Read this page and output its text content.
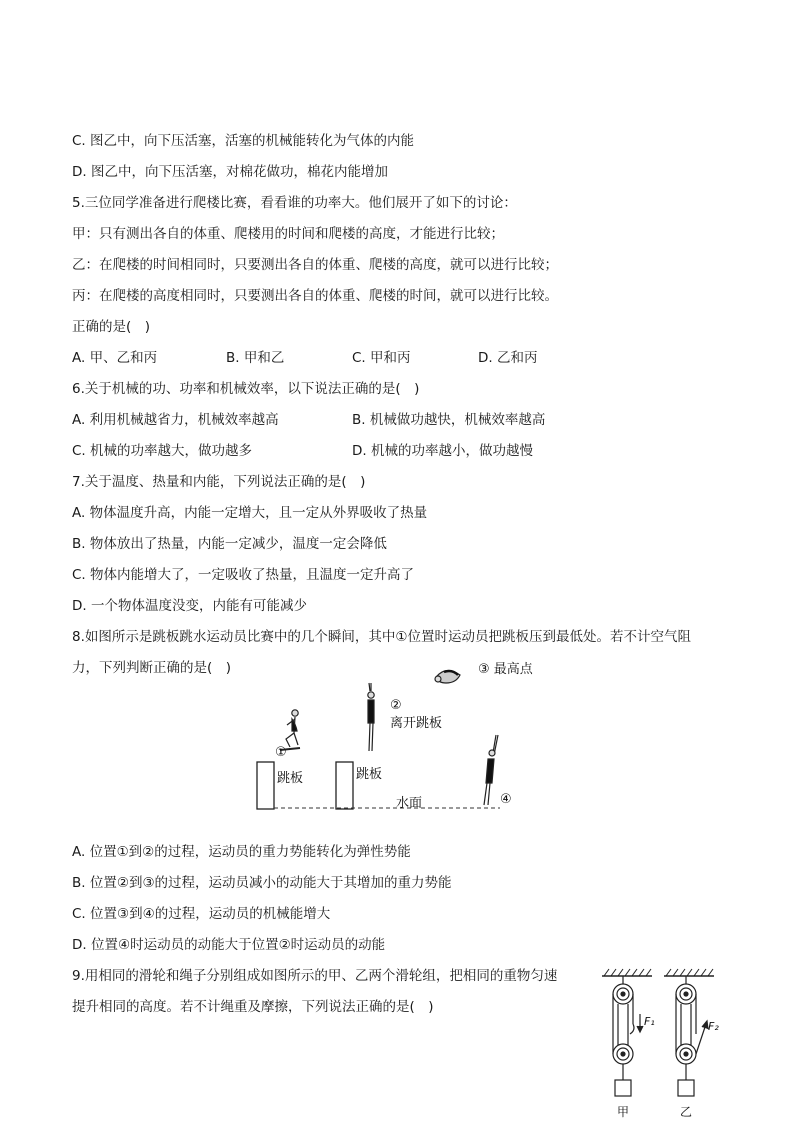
C. 图乙中，向下压活塞，活塞的机械能转化为气体的内能
D. 图乙中，向下压活塞，对棉花做功，棉花内能增加
5.三位同学准备进行爬楼比赛，看看谁的功率大。他们展开了如下的讨论：
甲：只有测出各自的体重、爬楼用的时间和爬楼的高度，才能进行比较；
乙：在爬楼的时间相同时，只要测出各自的体重、爬楼的高度，就可以进行比较；
丙：在爬楼的高度相同时，只要测出各自的体重、爬楼的时间，就可以进行比较。
正确的是(　)
A. 甲、乙和丙	B. 甲和乙	C. 甲和丙	D. 乙和丙
6.关于机械的功、功率和机械效率，以下说法正确的是(　)
A. 利用机械越省力，机械效率越高	B. 机械做功越快，机械效率越高
C. 机械的功率越大，做功越多	D. 机械的功率越小，做功越慢
7.关于温度、热量和内能，下列说法正确的是(　)
A. 物体温度升高，内能一定增大，且一定从外界吸收了热量
B. 物体放出了热量，内能一定减少，温度一定会降低
C. 物体内能增大了，一定吸收了热量，且温度一定升高了
D. 一个物体温度没变，内能有可能减少
8.如图所示是跳板跳水运动员比赛中的几个瞬间，其中①位置时运动员把跳板压到最低处。若不计空气阻
力，下列判断正确的是(　)	③ 最高点
②
离开跳板
①
跳板	跳板
水面	④
A. 位置①到②的过程，运动员的重力势能转化为弹性势能
B. 位置②到③的过程，运动员减小的动能大于其增加的重力势能
C. 位置③到④的过程，运动员的机械能增大
D. 位置④时运动员的动能大于位置②时运动员的动能
9.用相同的滑轮和绳子分别组成如图所示的甲、乙两个滑轮组，把相同的重物匀速
提升相同的高度。若不计绳重及摩擦，下列说法正确的是(　)
F₁	F₂
甲	乙
